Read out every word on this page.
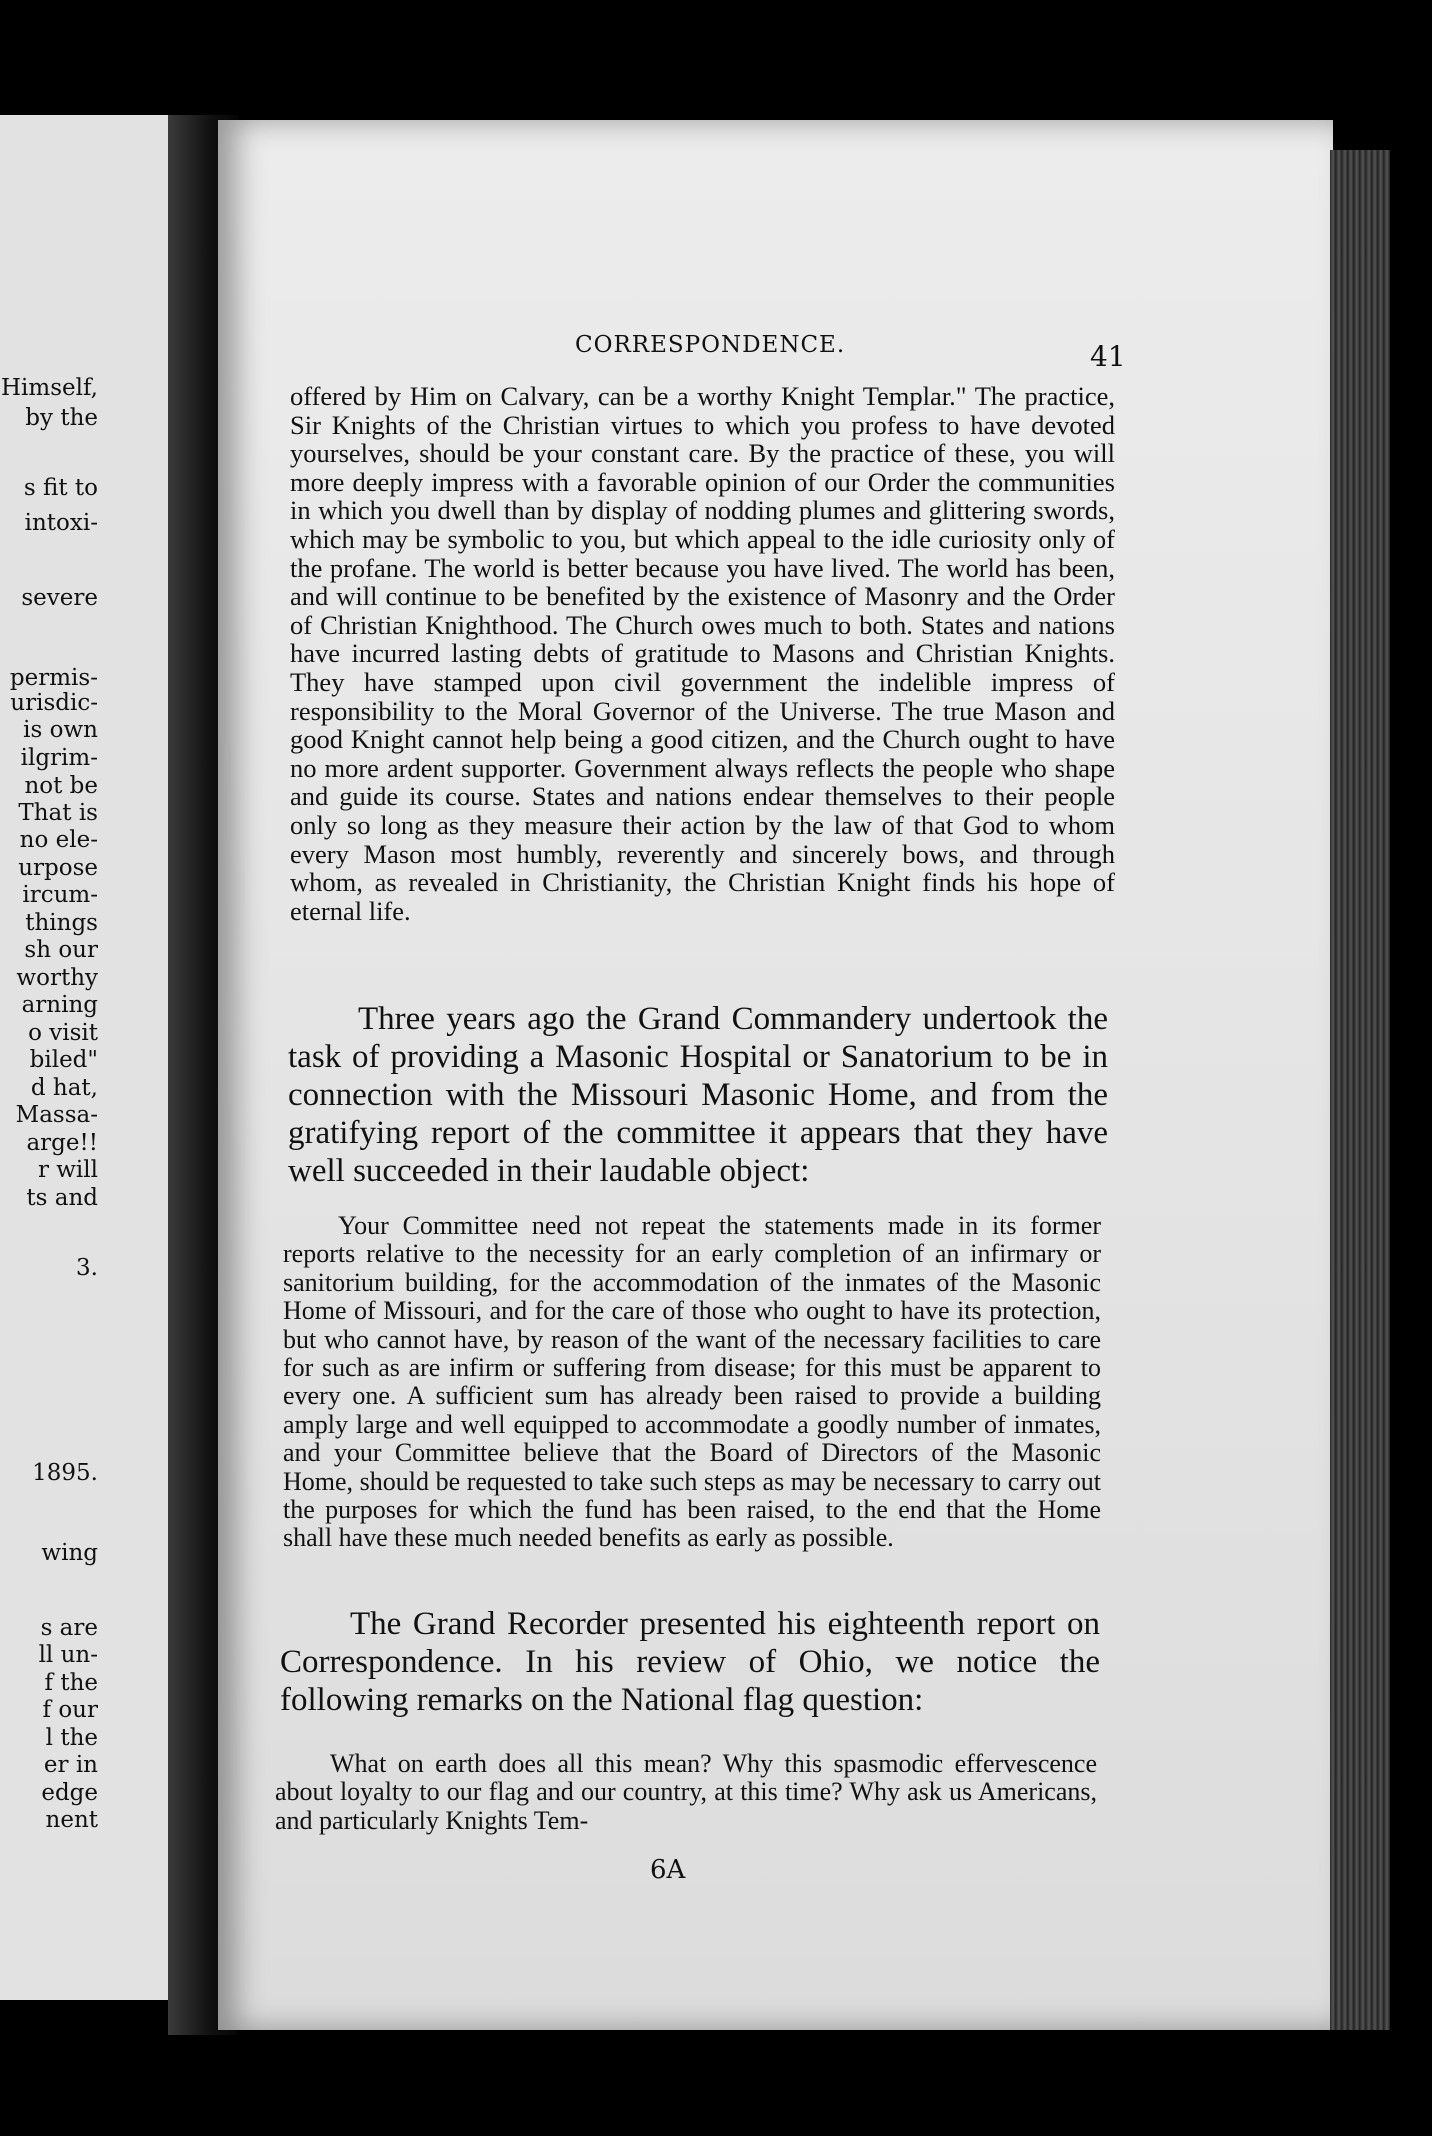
Himself,
by the
s fit to
intoxi-
severe
permis-
urisdic-
is own
ilgrim-
not be
That is
no ele-
urpose
ircum-
things
sh our
worthy
arning
o visit
biled"
d hat,
Massa-
arge!!
r will
ts and
3.
1895.
wing
s are
ll un-
f the
f our
l the
er in
edge
nent
CORRESPONDENCE.	41

offered by Him on Calvary, can be a worthy Knight Templar." The practice, Sir Knights of the Christian virtues to which you profess to have devoted yourselves, should be your constant care. By the practice of these, you will more deeply impress with a favorable opinion of our Order the communities in which you dwell than by display of nodding plumes and glittering swords, which may be symbolic to you, but which appeal to the idle curiosity only of the profane. The world is better because you have lived. The world has been, and will continue to be benefited by the existence of Masonry and the Order of Christian Knighthood. The Church owes much to both. States and nations have incurred lasting debts of gratitude to Masons and Christian Knights. They have stamped upon civil government the indelible impress of responsibility to the Moral Governor of the Universe. The true Mason and good Knight cannot help being a good citizen, and the Church ought to have no more ardent supporter. Government always reflects the people who shape and guide its course. States and nations endear themselves to their people only so long as they measure their action by the law of that God to whom every Mason most humbly, reverently and sincerely bows, and through whom, as revealed in Christianity, the Christian Knight finds his hope of eternal life.

Three years ago the Grand Commandery undertook the task of providing a Masonic Hospital or Sanatorium to be in connection with the Missouri Masonic Home, and from the gratifying report of the committee it appears that they have well succeeded in their laudable object:

Your Committee need not repeat the statements made in its former reports relative to the necessity for an early completion of an infirmary or sanitorium building, for the accommodation of the inmates of the Masonic Home of Missouri, and for the care of those who ought to have its protection, but who cannot have, by reason of the want of the necessary facilities to care for such as are infirm or suffering from disease; for this must be apparent to every one. A sufficient sum has already been raised to provide a building amply large and well equipped to accommodate a goodly number of inmates, and your Committee believe that the Board of Directors of the Masonic Home, should be requested to take such steps as may be necessary to carry out the purposes for which the fund has been raised, to the end that the Home shall have these much needed benefits as early as possible.

The Grand Recorder presented his eighteenth report on Correspondence. In his review of Ohio, we notice the following remarks on the National flag question:

What on earth does all this mean? Why this spasmodic effervescence about loyalty to our flag and our country, at this time? Why ask us Americans, and particularly Knights Tem-

6A
